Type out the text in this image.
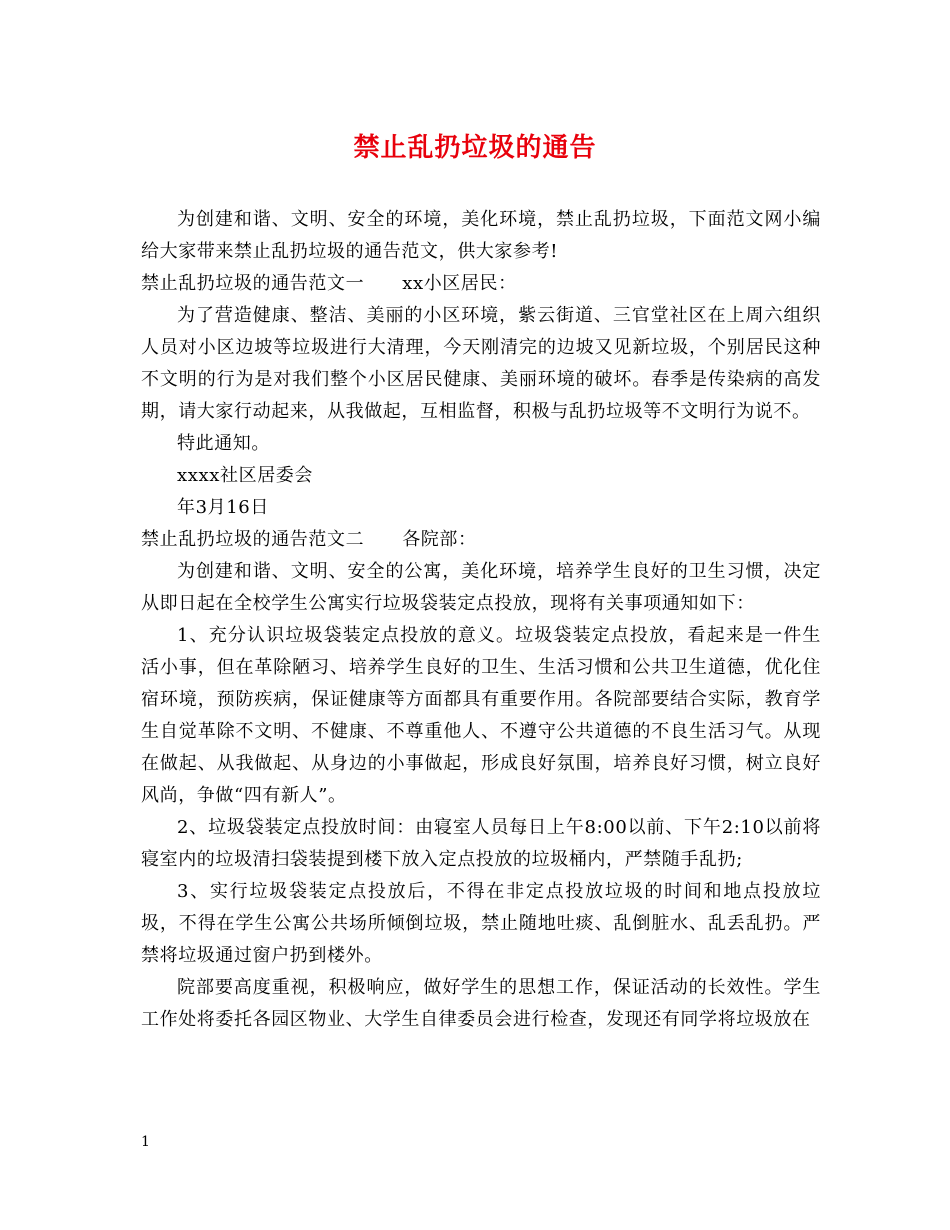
禁止乱扔垃圾的通告

为创建和谐、文明、安全的环境，美化环境，禁止乱扔垃圾，下面范文网小编给大家带来禁止乱扔垃圾的通告范文，供大家参考!

禁止乱扔垃圾的通告范文一 xx小区居民：

为了营造健康、整洁、美丽的小区环境，紫云街道、三官堂社区在上周六组织人员对小区边坡等垃圾进行大清理，今天刚清完的边坡又见新垃圾，个别居民这种不文明的行为是对我们整个小区居民健康、美丽环境的破坏。春季是传染病的高发期，请大家行动起来，从我做起，互相监督，积极与乱扔垃圾等不文明行为说不。

特此通知。

xxxx社区居委会

年3月16日

禁止乱扔垃圾的通告范文二 各院部：

为创建和谐、文明、安全的公寓，美化环境，培养学生良好的卫生习惯，决定从即日起在全校学生公寓实行垃圾袋装定点投放，现将有关事项通知如下：

1、充分认识垃圾袋装定点投放的意义。垃圾袋装定点投放，看起来是一件生活小事，但在革除陋习、培养学生良好的卫生、生活习惯和公共卫生道德，优化住宿环境，预防疾病，保证健康等方面都具有重要作用。各院部要结合实际，教育学生自觉革除不文明、不健康、不尊重他人、不遵守公共道德的不良生活习气。从现在做起、从我做起、从身边的小事做起，形成良好氛围，培养良好习惯，树立良好风尚，争做“四有新人”。

2、垃圾袋装定点投放时间：由寝室人员每日上午8:00以前、下午2:10以前将寝室内的垃圾清扫袋装提到楼下放入定点投放的垃圾桶内，严禁随手乱扔;

3、实行垃圾袋装定点投放后，不得在非定点投放垃圾的时间和地点投放垃圾，不得在学生公寓公共场所倾倒垃圾，禁止随地吐痰、乱倒脏水、乱丢乱扔。严禁将垃圾通过窗户扔到楼外。

院部要高度重视，积极响应，做好学生的思想工作，保证活动的长效性。学生工作处将委托各园区物业、大学生自律委员会进行检查，发现还有同学将垃圾放在

1
